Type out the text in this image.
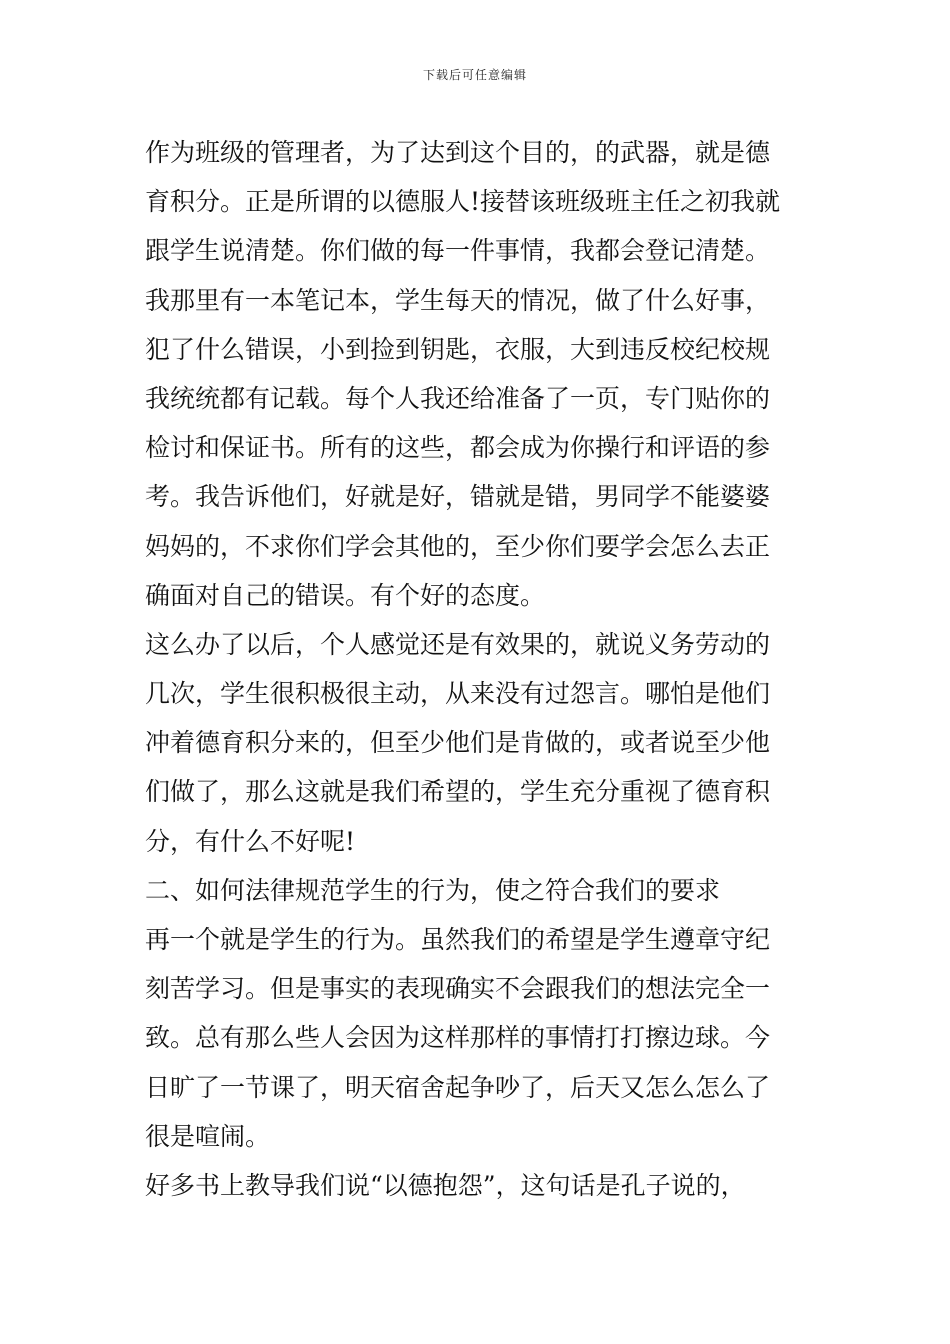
下载后可任意编辑
作为班级的管理者，为了达到这个目的，的武器，就是德
育积分。正是所谓的以德服人!接替该班级班主任之初我就
跟学生说清楚。你们做的每一件事情，我都会登记清楚。
我那里有一本笔记本，学生每天的情况，做了什么好事，
犯了什么错误，小到捡到钥匙，衣服，大到违反校纪校规
我统统都有记载。每个人我还给准备了一页，专门贴你的
检讨和保证书。所有的这些，都会成为你操行和评语的参
考。我告诉他们，好就是好，错就是错，男同学不能婆婆
妈妈的，不求你们学会其他的，至少你们要学会怎么去正
确面对自己的错误。有个好的态度。
这么办了以后，个人感觉还是有效果的，就说义务劳动的
几次，学生很积极很主动，从来没有过怨言。哪怕是他们
冲着德育积分来的，但至少他们是肯做的，或者说至少他
们做了，那么这就是我们希望的，学生充分重视了德育积
分，有什么不好呢!
二、如何法律规范学生的行为，使之符合我们的要求
再一个就是学生的行为。虽然我们的希望是学生遵章守纪
刻苦学习。但是事实的表现确实不会跟我们的想法完全一
致。总有那么些人会因为这样那样的事情打打擦边球。今
日旷了一节课了，明天宿舍起争吵了，后天又怎么怎么了
很是喧闹。
好多书上教导我们说“以德抱怨”，这句话是孔子说的，
